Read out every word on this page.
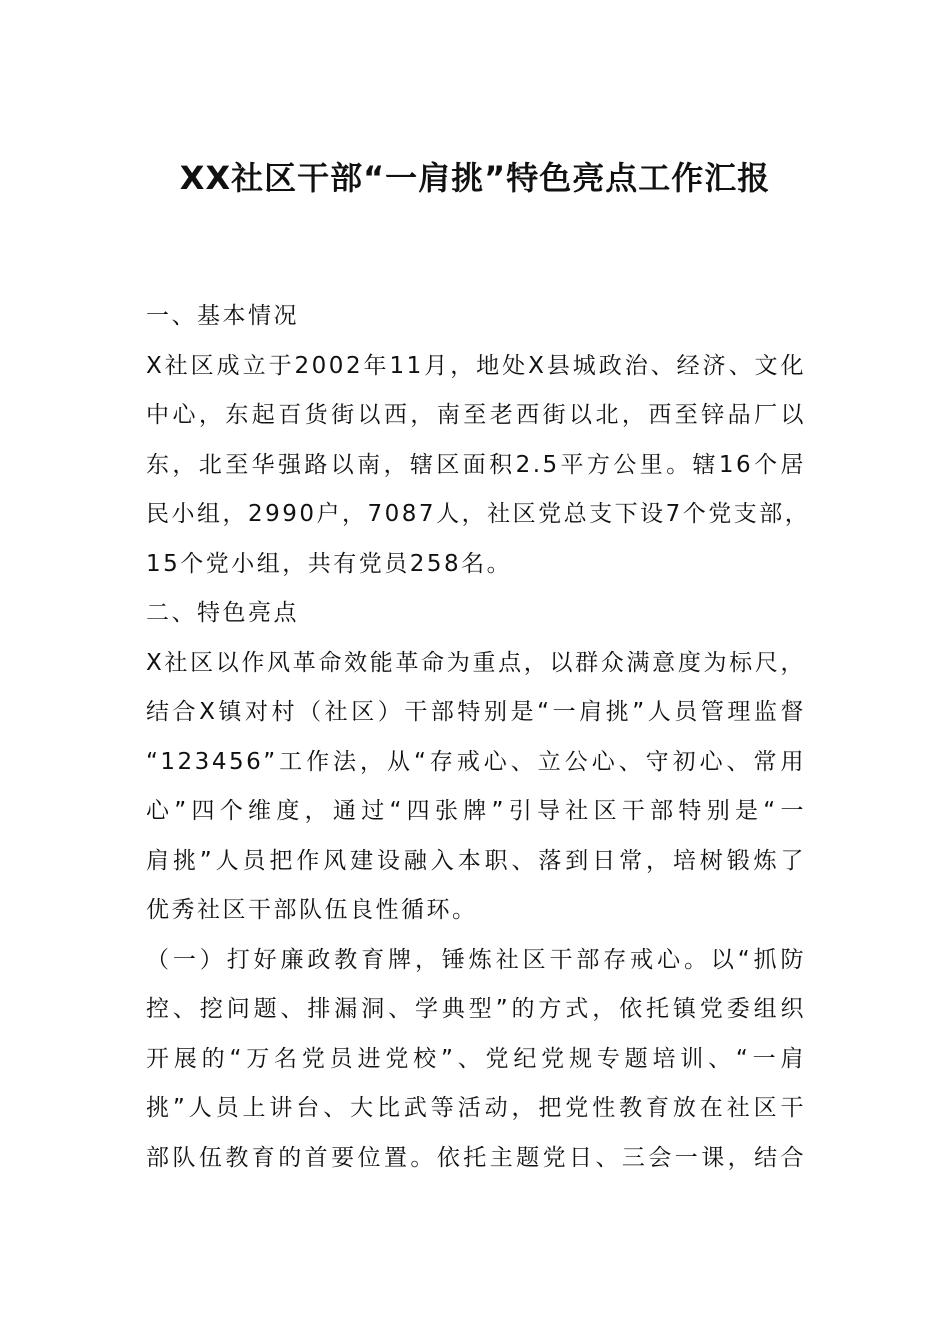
XX社区干部“一肩挑”特色亮点工作汇报
一、基本情况
X社区成立于2002年11月，地处X县城政治、经济、文化
中心，东起百货街以西，南至老西街以北，西至锌品厂以
东，北至华强路以南，辖区面积2.5平方公里。辖16个居
民小组，2990户，7087人，社区党总支下设7个党支部，
15个党小组，共有党员258名。
二、特色亮点
X社区以作风革命效能革命为重点，以群众满意度为标尺，
结合X镇对村（社区）干部特别是“一肩挑”人员管理监督
“123456”工作法，从“存戒心、立公心、守初心、常用
心”四个维度，通过“四张牌”引导社区干部特别是“一
肩挑”人员把作风建设融入本职、落到日常，培树锻炼了
优秀社区干部队伍良性循环。
（一）打好廉政教育牌，锤炼社区干部存戒心。以“抓防
控、挖问题、排漏洞、学典型”的方式，依托镇党委组织
开展的“万名党员进党校”、党纪党规专题培训、“一肩
挑”人员上讲台、大比武等活动，把党性教育放在社区干
部队伍教育的首要位置。依托主题党日、三会一课，结合
